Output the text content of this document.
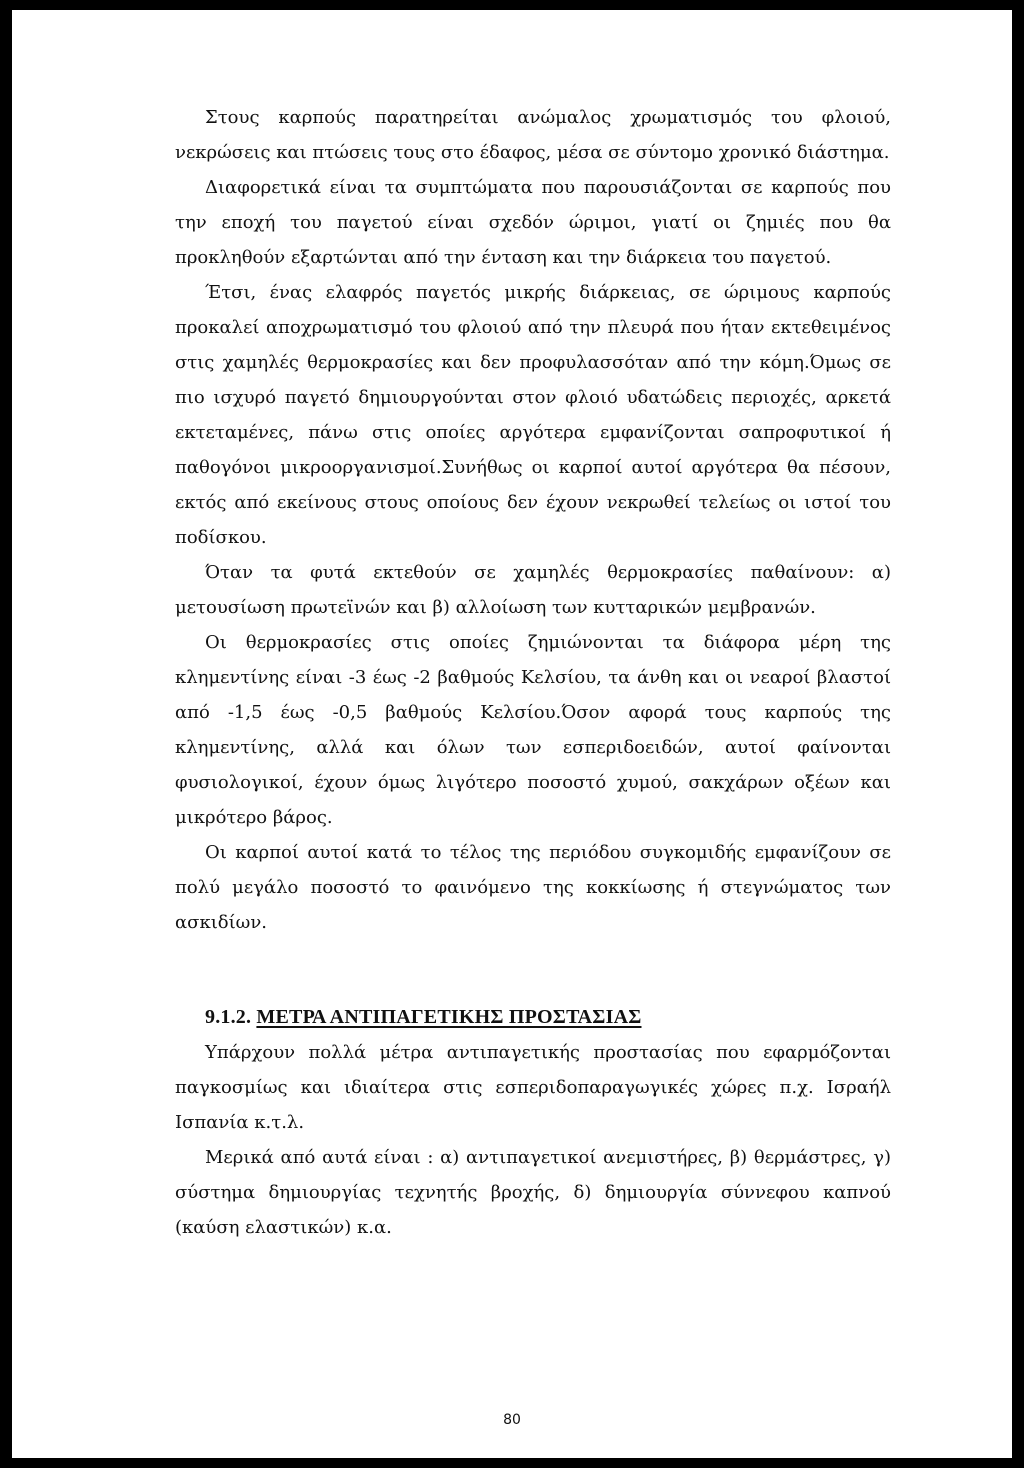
Στους καρπούς παρατηρείται ανώμαλος χρωματισμός του φλοιού, νεκρώσεις και πτώσεις τους στο έδαφος, μέσα σε σύντομο χρονικό διάστημα.

Διαφορετικά είναι τα συμπτώματα που παρουσιάζονται σε καρπούς που την εποχή του παγετού είναι σχεδόν ώριμοι, γιατί οι ζημιές που θα προκληθούν εξαρτώνται από την ένταση και την διάρκεια του παγετού.

Έτσι, ένας ελαφρός παγετός μικρής διάρκειας, σε ώριμους καρπούς προκαλεί αποχρωματισμό του φλοιού από την πλευρά που ήταν εκτεθειμένος στις χαμηλές θερμοκρασίες και δεν προφυλασσόταν από την κόμη.Όμως σε πιο ισχυρό παγετό δημιουργούνται στον φλοιό υδατώδεις περιοχές, αρκετά εκτεταμένες, πάνω στις οποίες αργότερα εμφανίζονται σαπροφυτικοί ή παθογόνοι μικροοργανισμοί.Συνήθως οι καρποί αυτοί αργότερα θα πέσουν, εκτός από εκείνους στους οποίους δεν έχουν νεκρωθεί τελείως οι ιστοί του ποδίσκου.

Όταν τα φυτά εκτεθούν σε χαμηλές θερμοκρασίες παθαίνουν: α) μετουσίωση πρωτεϊνών και β) αλλοίωση των κυτταρικών μεμβρανών.

Οι θερμοκρασίες στις οποίες ζημιώνονται τα διάφορα μέρη της κλημεντίνης είναι -3 έως -2 βαθμούς Κελσίου, τα άνθη και οι νεαροί βλαστοί από -1,5 έως -0,5 βαθμούς Κελσίου.Όσον αφορά τους καρπούς της κλημεντίνης, αλλά και όλων των εσπεριδοειδών, αυτοί φαίνονται φυσιολογικοί, έχουν όμως λιγότερο ποσοστό χυμού, σακχάρων οξέων και μικρότερο βάρος.

Οι καρποί αυτοί κατά το τέλος της περιόδου συγκομιδής εμφανίζουν σε πολύ μεγάλο ποσοστό το φαινόμενο της κοκκίωσης ή στεγνώματος των ασκιδίων.

9.1.2. ΜΕΤΡΑ ΑΝΤΙΠΑΓΕΤΙΚΗΣ ΠΡΟΣΤΑΣΙΑΣ

Υπάρχουν πολλά μέτρα αντιπαγετικής προστασίας που εφαρμόζονται παγκοσμίως και ιδιαίτερα στις εσπεριδοπαραγωγικές χώρες π.χ. Ισραήλ Ισπανία κ.τ.λ.

Μερικά από αυτά είναι : α) αντιπαγετικοί ανεμιστήρες, β) θερμάστρες, γ) σύστημα δημιουργίας τεχνητής βροχής, δ) δημιουργία σύννεφου καπνού (καύση ελαστικών) κ.α.

80
